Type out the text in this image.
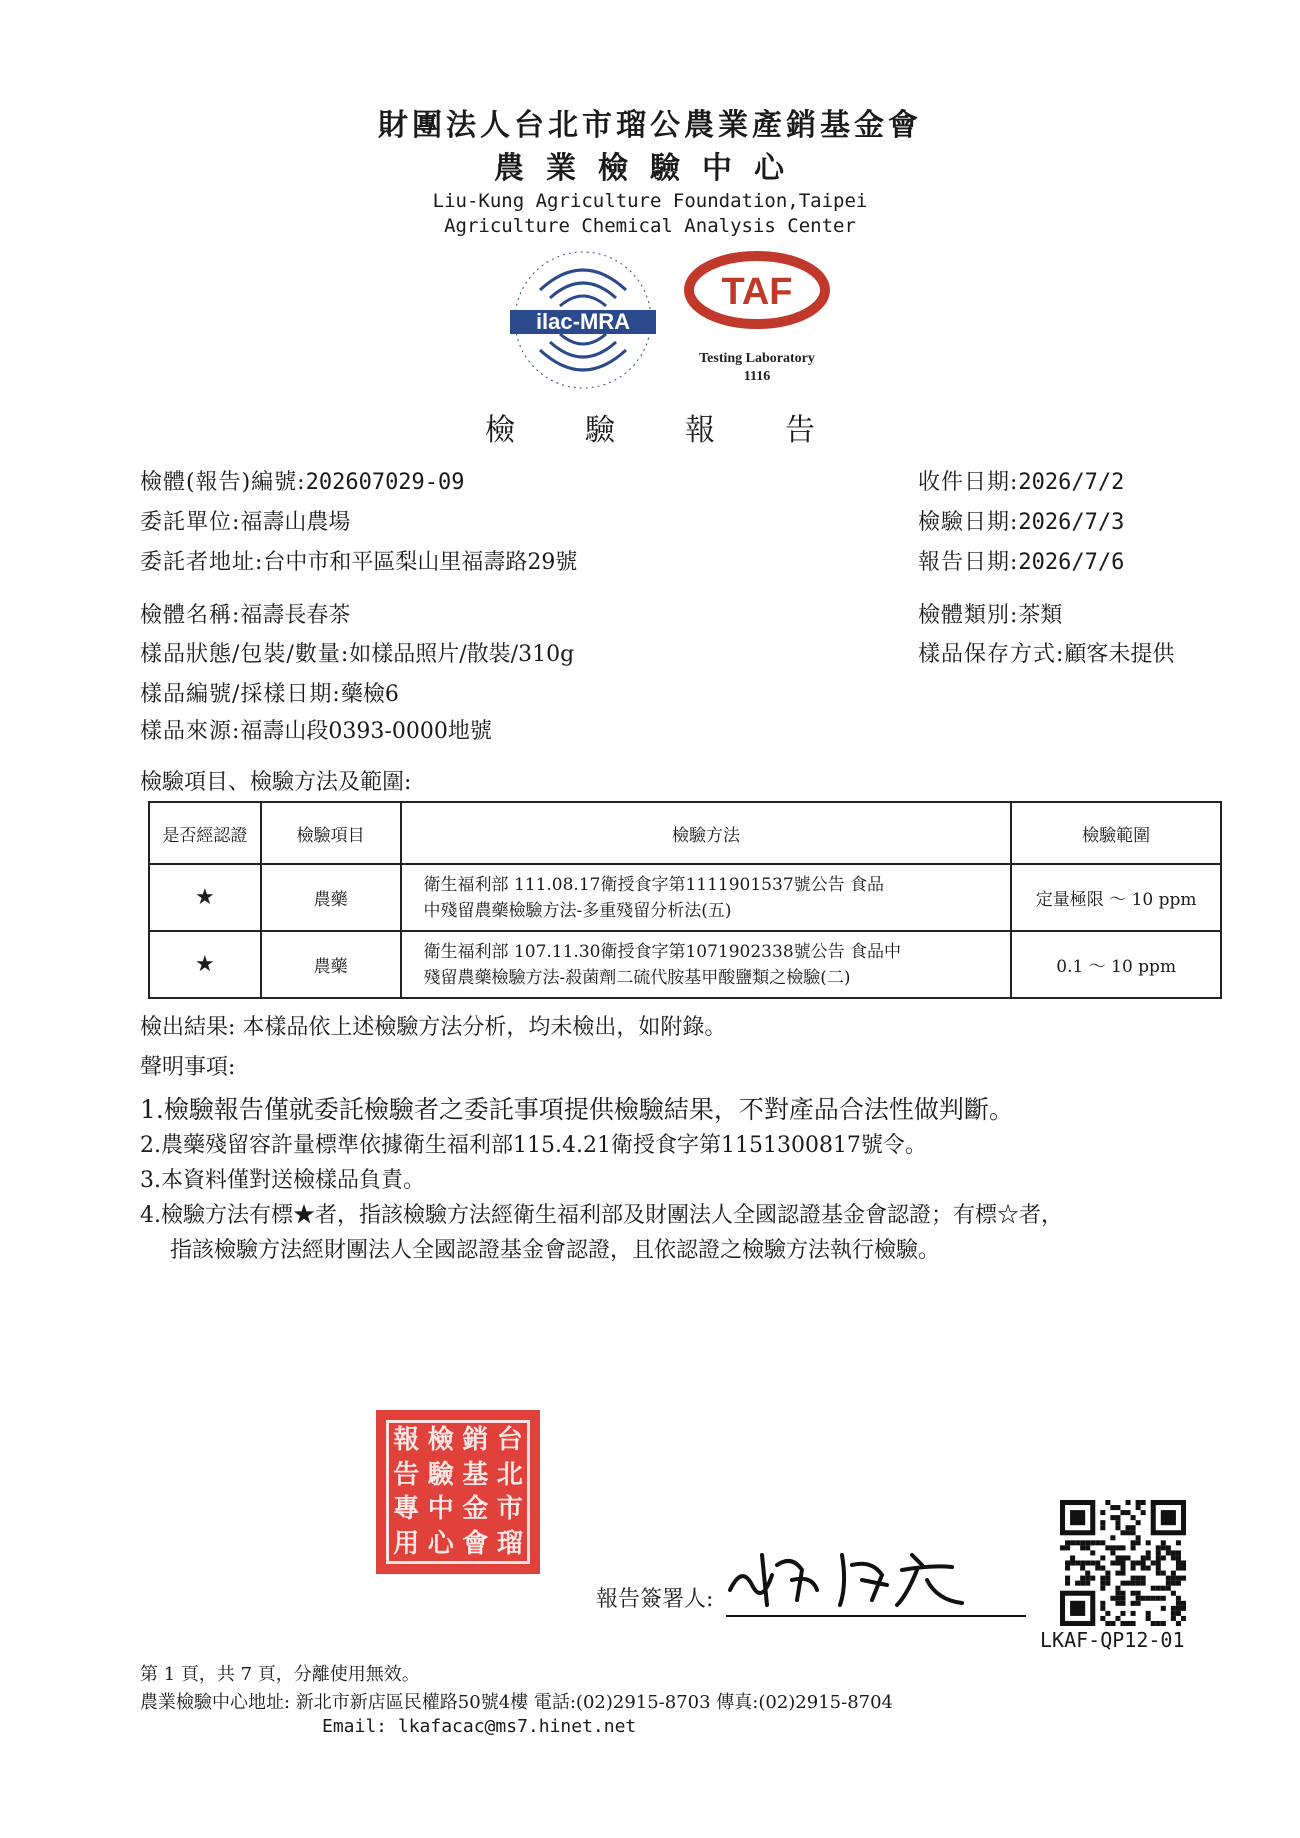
財團法人台北市瑠公農業產銷基金會
農業檢驗中心
Liu-Kung Agriculture Foundation,Taipei
Agriculture Chemical Analysis Center
ilac-MRA
TAF
Testing Laboratory
1116
檢驗報告
檢體(報告)編號:202607029-09
委託單位:福壽山農場
委託者地址:台中市和平區梨山里福壽路29號
檢體名稱:福壽長春茶
樣品狀態/包裝/數量:如樣品照片/散裝/310g
樣品編號/採樣日期:藥檢6
樣品來源:福壽山段0393-0000地號
收件日期:2026/7/2
檢驗日期:2026/7/3
報告日期:2026/7/6
檢體類別:茶類
樣品保存方式:顧客未提供
檢驗項目、檢驗方法及範圍:
是否經認證	檢驗項目	檢驗方法	檢驗範圍
★	農藥	衛生福利部 111.08.17衛授食字第1111901537號公告 食品
中殘留農藥檢驗方法-多重殘留分析法(五)	定量極限 ～ 10 ppm
★	農藥	衛生福利部 107.11.30衛授食字第1071902338號公告 食品中
殘留農藥檢驗方法-殺菌劑二硫代胺基甲酸鹽類之檢驗(二)	0.1 ～ 10 ppm
檢出結果: 本樣品依上述檢驗方法分析，均未檢出，如附錄。
聲明事項:
1.檢驗報告僅就委託檢驗者之委託事項提供檢驗結果，不對產品合法性做判斷。
2.農藥殘留容許量標準依據衛生福利部115.4.21衛授食字第1151300817號令。
3.本資料僅對送檢樣品負責。
4.檢驗方法有標★者，指該檢驗方法經衛生福利部及財團法人全國認證基金會認證；有標☆者，
指該檢驗方法經財團法人全國認證基金會認證，且依認證之檢驗方法執行檢驗。
報 檢 銷 台
告 驗 基 北
專 中 金 市
用 心 會 瑠
報告簽署人:
LKAF-QP12-01
第 1 頁，共 7 頁，分離使用無效。
農業檢驗中心地址: 新北市新店區民權路50號4樓 電話:(02)2915-8703 傳真:(02)2915-8704
Email: lkafacac@ms7.hinet.net
